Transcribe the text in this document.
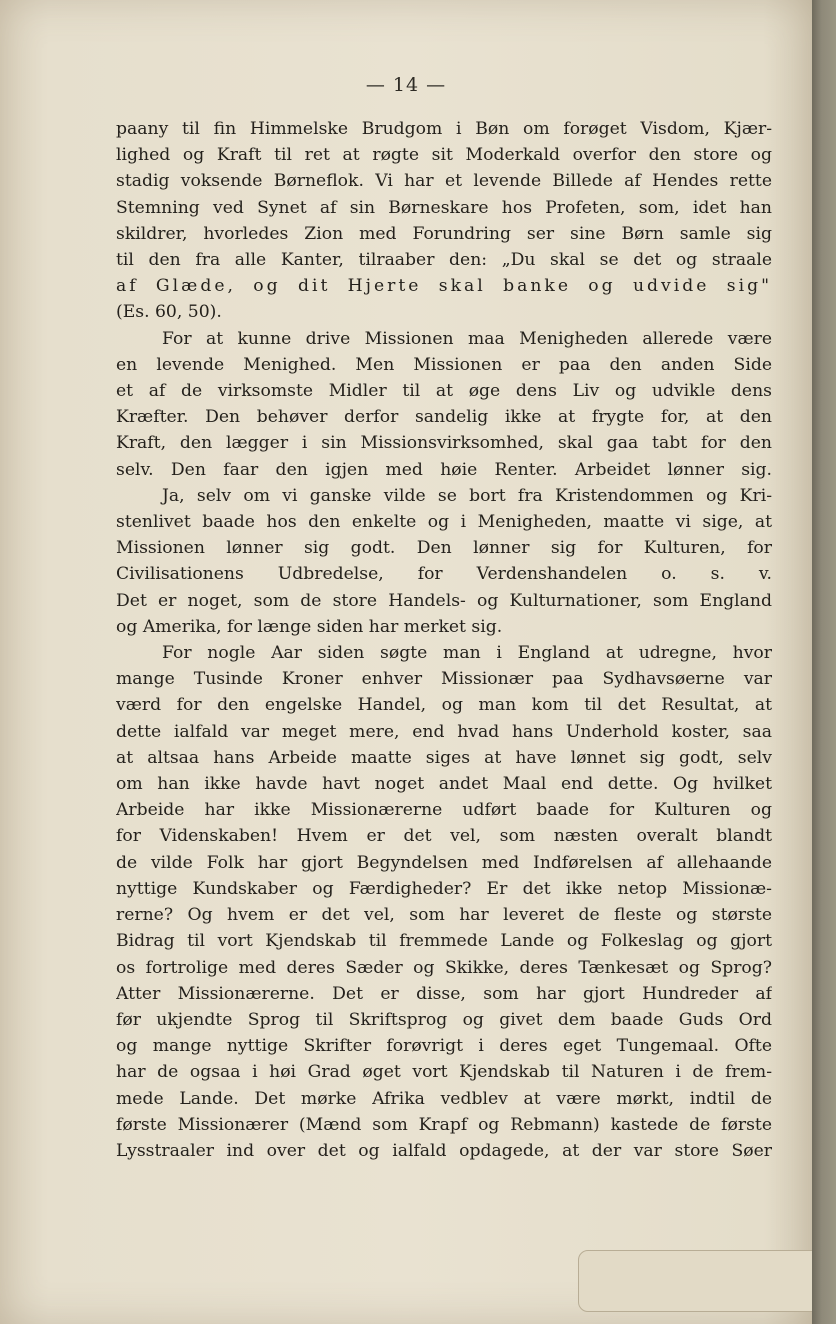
— 14 —
paany til fin Himmelske Brudgom i Bøn om forøget Visdom, Kjær-
lighed og Kraft til ret at røgte sit Moderkald overfor den store og
stadig voksende Børneflok. Vi har et levende Billede af Hendes rette
Stemning ved Synet af sin Børneskare hos Profeten, som, idet han
skildrer, hvorledes Zion med Forundring ser sine Børn samle sig
til den fra alle Kanter, tilraaber den: „Du skal se det og straale
af Glæde, og dit Hjerte skal banke og udvide sig"
(Es. 60, 50).
For at kunne drive Missionen maa Menigheden allerede være
en levende Menighed. Men Missionen er paa den anden Side
et af de virksomste Midler til at øge dens Liv og udvikle dens
Kræfter. Den behøver derfor sandelig ikke at frygte for, at den
Kraft, den lægger i sin Missionsvirksomhed, skal gaa tabt for den
selv. Den faar den igjen med høie Renter. Arbeidet lønner sig.
Ja, selv om vi ganske vilde se bort fra Kristendommen og Kri-
stenlivet baade hos den enkelte og i Menigheden, maatte vi sige, at
Missionen lønner sig godt. Den lønner sig for Kulturen, for
Civilisationens Udbredelse, for Verdenshandelen o. s. v.
Det er noget, som de store Handels- og Kulturnationer, som England
og Amerika, for længe siden har merket sig.
For nogle Aar siden søgte man i England at udregne, hvor
mange Tusinde Kroner enhver Missionær paa Sydhavsøerne var
værd for den engelske Handel, og man kom til det Resultat, at
dette ialfald var meget mere, end hvad hans Underhold koster, saa
at altsaa hans Arbeide maatte siges at have lønnet sig godt, selv
om han ikke havde havt noget andet Maal end dette. Og hvilket
Arbeide har ikke Missionærerne udført baade for Kulturen og
for Videnskaben! Hvem er det vel, som næsten overalt blandt
de vilde Folk har gjort Begyndelsen med Indførelsen af allehaande
nyttige Kundskaber og Færdigheder? Er det ikke netop Missionæ-
rerne? Og hvem er det vel, som har leveret de fleste og største
Bidrag til vort Kjendskab til fremmede Lande og Folkeslag og gjort
os fortrolige med deres Sæder og Skikke, deres Tænkesæt og Sprog?
Atter Missionærerne. Det er disse, som har gjort Hundreder af
før ukjendte Sprog til Skriftsprog og givet dem baade Guds Ord
og mange nyttige Skrifter forøvrigt i deres eget Tungemaal. Ofte
har de ogsaa i høi Grad øget vort Kjendskab til Naturen i de frem-
mede Lande. Det mørke Afrika vedblev at være mørkt, indtil de
første Missionærer (Mænd som Krapf og Rebmann) kastede de første
Lysstraaler ind over det og ialfald opdagede, at der var store Søer
